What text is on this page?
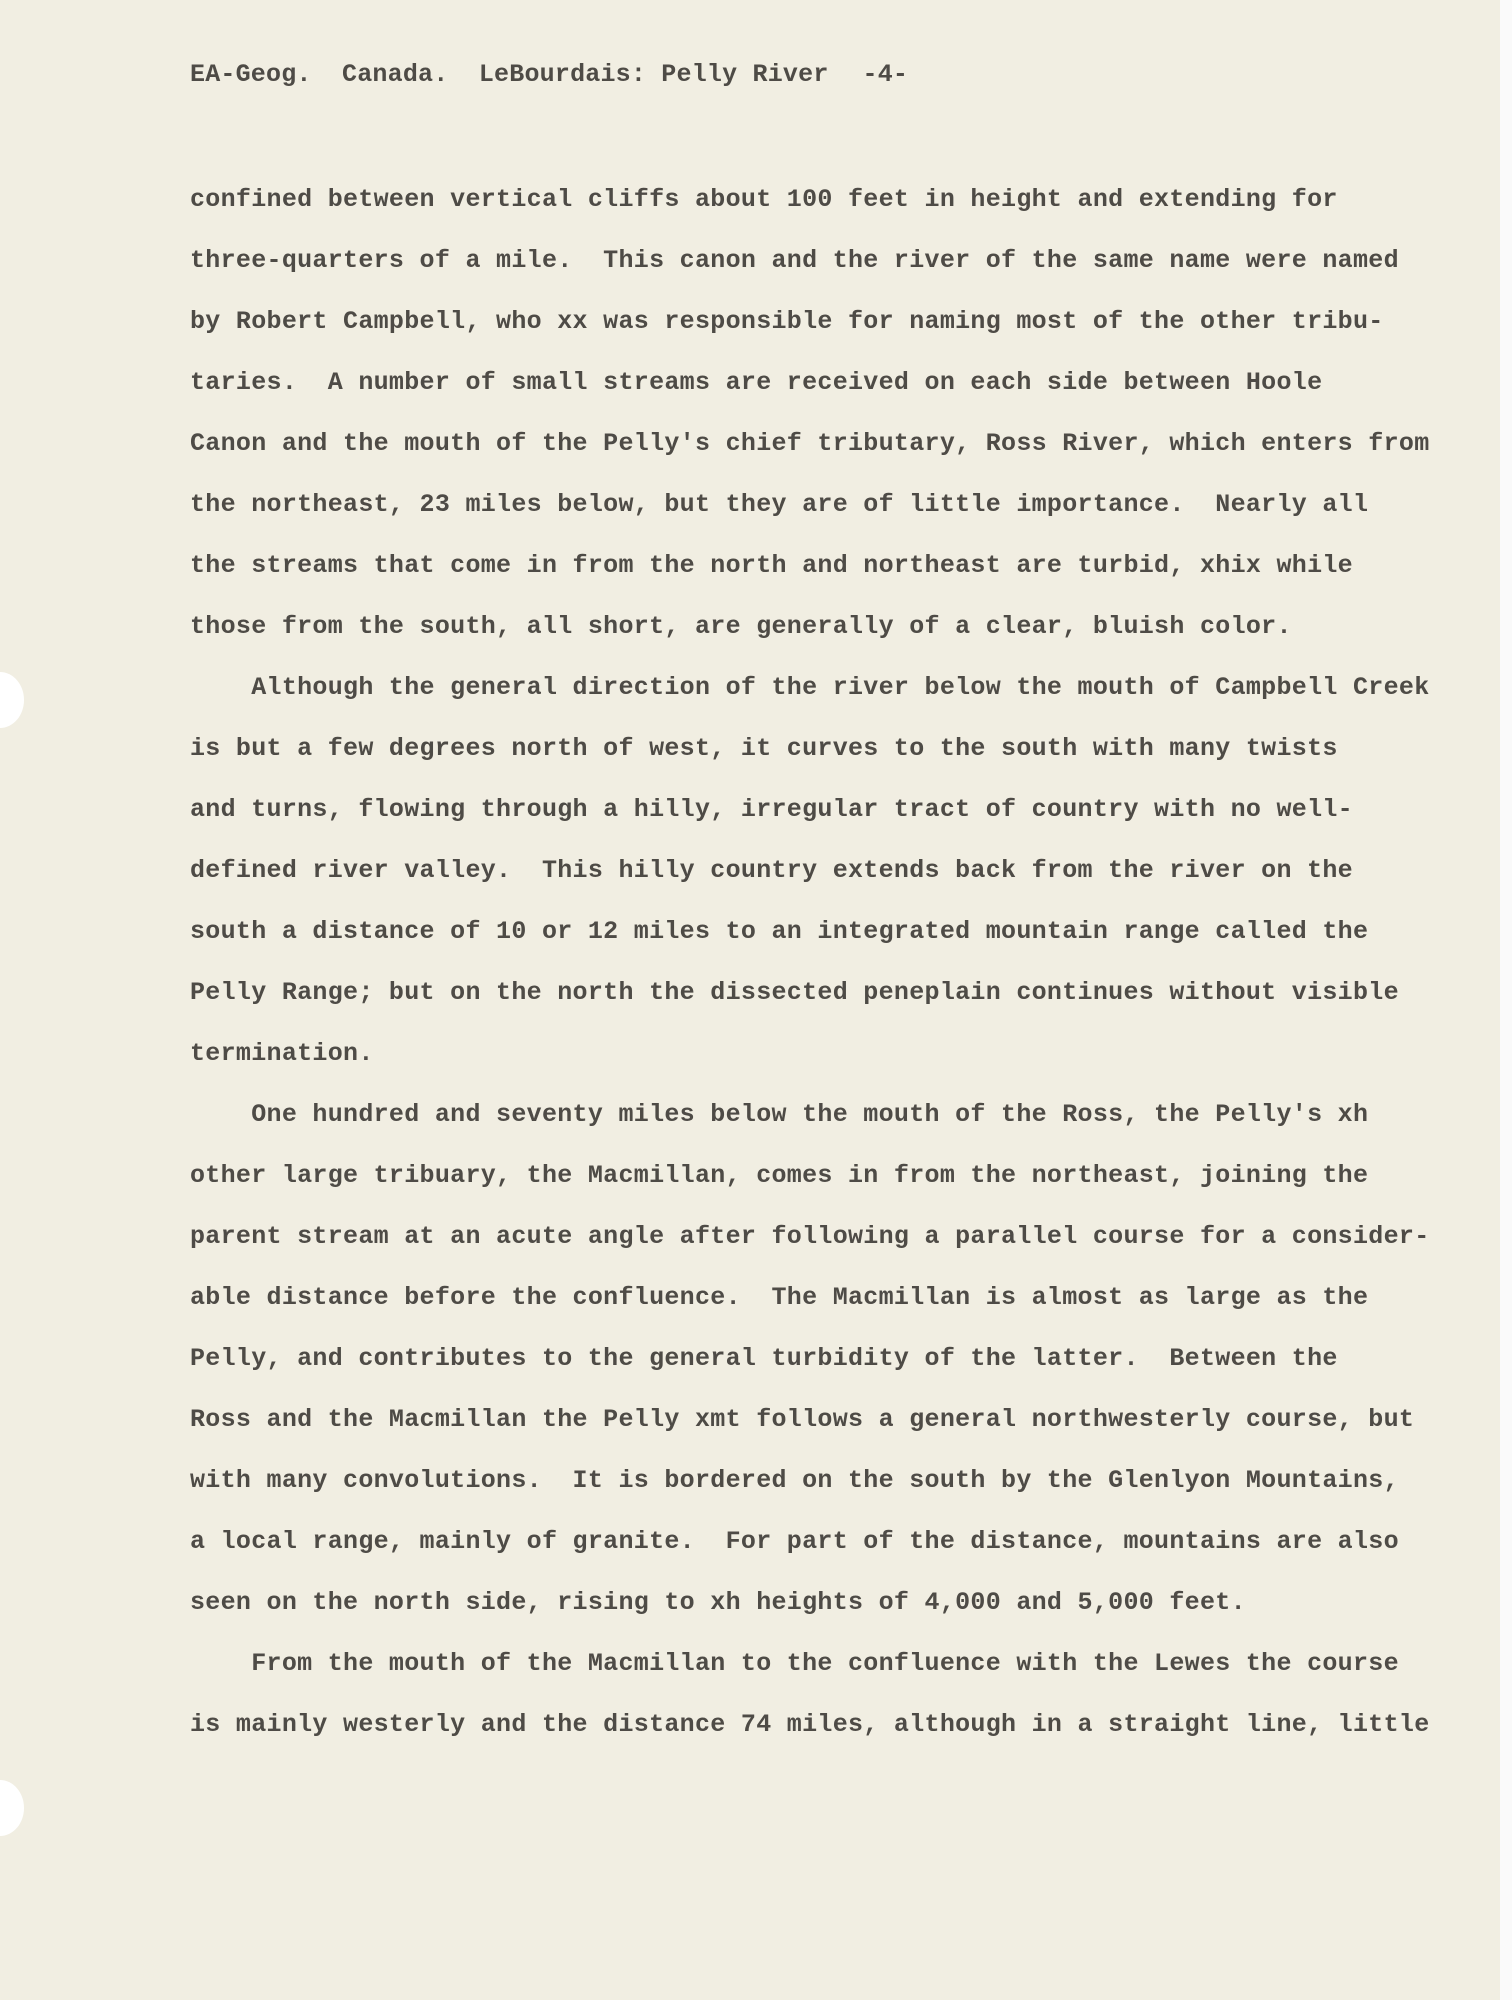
EA-Geog. Canada. LeBourdais: Pelly River -4-
confined between vertical cliffs about 100 feet in height and extending for
three-quarters of a mile.  This canon and the river of the same name were named
by Robert Campbell, who xx was responsible for naming most of the other tribu-
taries.  A number of small streams are received on each side between Hoole
Canon and the mouth of the Pelly's chief tributary, Ross River, which enters from
the northeast, 23 miles below, but they are of little importance.  Nearly all
the streams that come in from the north and northeast are turbid, xhix while
those from the south, all short, are generally of a clear, bluish color.
Although the general direction of the river below the mouth of Campbell Creek
is but a few degrees north of west, it curves to the south with many twists
and turns, flowing through a hilly, irregular tract of country with no well-
defined river valley.  This hilly country extends back from the river on the
south a distance of 10 or 12 miles to an integrated mountain range called the
Pelly Range; but on the north the dissected peneplain continues without visible
termination.
One hundred and seventy miles below the mouth of the Ross, the Pelly's xh
other large tribuary, the Macmillan, comes in from the northeast, joining the
parent stream at an acute angle after following a parallel course for a consider-
able distance before the confluence.  The Macmillan is almost as large as the
Pelly, and contributes to the general turbidity of the latter.  Between the
Ross and the Macmillan the Pelly xmt follows a general northwesterly course, but
with many convolutions.  It is bordered on the south by the Glenlyon Mountains,
a local range, mainly of granite.  For part of the distance, mountains are also
seen on the north side, rising to xh heights of 4,000 and 5,000 feet.
From the mouth of the Macmillan to the confluence with the Lewes the course
is mainly westerly and the distance 74 miles, although in a straight line, little
